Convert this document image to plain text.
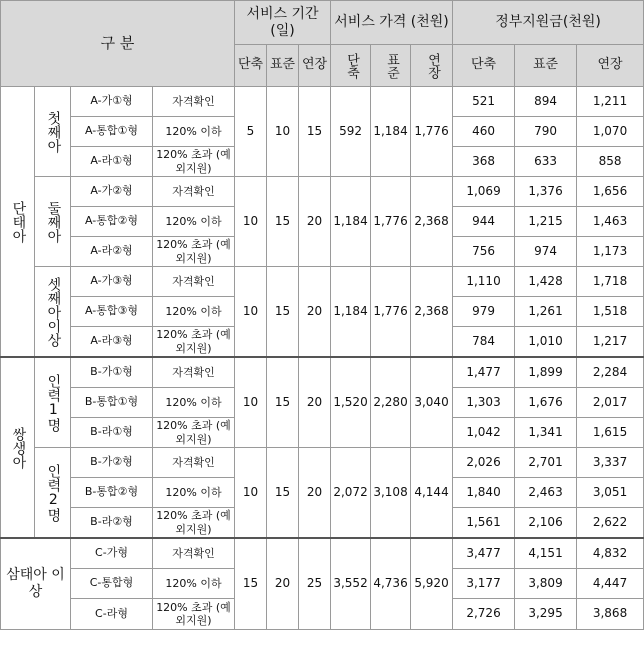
구 분				서비스 기간(일)			서비스 가격 (천원)			정부지원금(천원)		
				단축	표준	연장	단축	표준	연장	단축	표준	연장
단태아	첫째아	A-가①형	자격확인	5	10	15	592	1,184	1,776	521	894	1,211
		A-통합①형	120% 이하							460	790	1,070
		A-라①형	120% 초과 (예외지원)							368	633	858
	둘째아	A-가②형	자격확인	10	15	20	1,184	1,776	2,368	1,069	1,376	1,656
		A-통합②형	120% 이하							944	1,215	1,463
		A-라②형	120% 초과 (예외지원)							756	974	1,173
	셋째아이상	A-가③형	자격확인	10	15	20	1,184	1,776	2,368	1,110	1,428	1,718
		A-통합③형	120% 이하							979	1,261	1,518
		A-라③형	120% 초과 (예외지원)							784	1,010	1,217
쌍생아	인력1명	B-가①형	자격확인	10	15	20	1,520	2,280	3,040	1,477	1,899	2,284
		B-통합①형	120% 이하							1,303	1,676	2,017
		B-라①형	120% 초과 (예외지원)							1,042	1,341	1,615
	인력2명	B-가②형	자격확인	10	15	20	2,072	3,108	4,144	2,026	2,701	3,337
		B-통합②형	120% 이하							1,840	2,463	3,051
		B-라②형	120% 초과 (예외지원)							1,561	2,106	2,622
삼태아 이상		C-가형	자격확인	15	20	25	3,552	4,736	5,920	3,477	4,151	4,832
		C-통합형	120% 이하							3,177	3,809	4,447
		C-라형	120% 초과 (예외지원)							2,726	3,295	3,868
